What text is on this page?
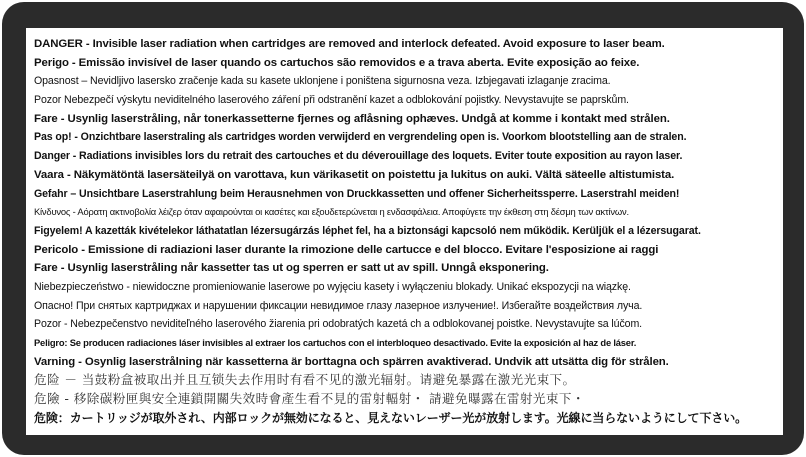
DANGER - Invisible laser radiation when cartridges are removed and interlock defeated. Avoid exposure to laser beam.
Perigo - Emissão invisível de laser quando os cartuchos são removidos e a trava aberta. Evite exposição ao feixe.
Opasnost – Nevidljivo lasersko zračenje kada su kasete uklonjene i poništena sigurnosna veza. Izbjegavati izlaganje zracima.
Pozor Nebezpečí výskytu neviditelného laserového záření při odstranění kazet a odblokování pojistky. Nevystavujte se paprskům.
Fare - Usynlig laserstråling, når tonerkassetterne fjernes og aflåsning ophæves. Undgå at komme i kontakt med strålen.
Pas op! - Onzichtbare laserstraling als cartridges worden verwijderd en vergrendeling open is. Voorkom blootstelling aan de stralen.
Danger - Radiations invisibles lors du retrait des cartouches et du déverouillage des loquets. Eviter toute exposition au rayon laser.
Vaara - Näkymätöntä lasersäteilyä on varottava, kun värikasetit on poistettu ja lukitus on auki. Vältä säteelle altistumista.
Gefahr – Unsichtbare Laserstrahlung beim Herausnehmen von Druckkassetten und offener Sicherheitssperre. Laserstrahl meiden!
Κίνδυνος - Αόρατη ακτινοβολία λέιζερ όταν αφαιρούνται οι κασέτες και εξουδετερώνεται η ενδασφάλεια. Αποφύγετε την έκθεση στη δέσμη των ακτίνων.
Figyelem! A kazetták kivételekor láthatatlan lézersugárzás léphet fel, ha a biztonsági kapcsoló nem működik. Kerüljük el a lézersugarat.
Pericolo - Emissione di radiazioni laser durante la rimozione delle cartucce e del blocco. Evitare l'esposizione ai raggi
Fare - Usynlig laserstråling når kassetter tas ut og sperren er satt ut av spill. Unngå eksponering.
Niebezpieczeństwo - niewidoczne promieniowanie laserowe po wyjęciu kasety i wyłączeniu blokady. Unikać ekspozycji na wiązkę.
Опасно! При снятых картриджах и нарушении фиксации невидимое глазу лазерное излучение!. Избегайте воздействия луча.
Pozor - Nebezpečenstvo neviditeľného laserového žiarenia pri odobratých kazetá ch a odblokovanej poistke. Nevystavujte sa lúčom.
Peligro: Se producen radiaciones láser invisibles al extraer los cartuchos con el interbloqueo desactivado. Evite la exposición al haz de láser.
Varning - Osynlig laserstrålning när kassetterna är borttagna och spärren avaktiverad. Undvik att utsätta dig för strålen.
危险 － 当鼓粉盒被取出并且互锁失去作用时有看不见的激光辐射。请避免暴露在激光光束下。
危險 - 移除碳粉匣與安全連鎖開關失效時會產生看不見的雷射輻射・ 請避免曝露在雷射光束下・
危険：カートリッジが取外され、内部ロックが無効になると、見えないレーザー光が放射します。光線に当らないようにして下さい。
